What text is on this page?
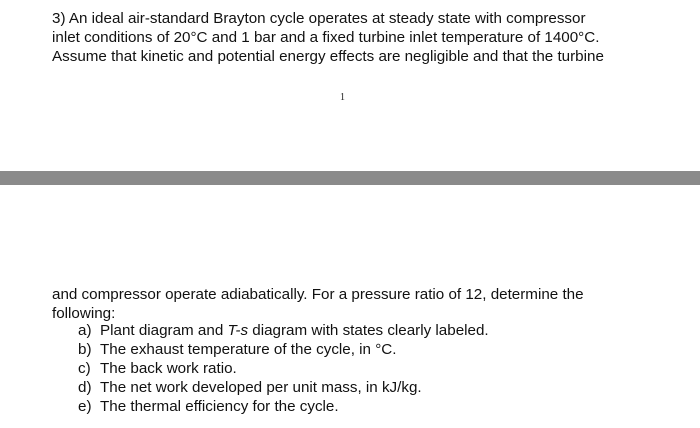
3) An ideal air-standard Brayton cycle operates at steady state with compressor
inlet conditions of 20°C and 1 bar and a fixed turbine inlet temperature of 1400°C.
Assume that kinetic and potential energy effects are negligible and that the turbine
1
and compressor operate adiabatically. For a pressure ratio of 12, determine the
following:
a) Plant diagram and T-s diagram with states clearly labeled.
b) The exhaust temperature of the cycle, in °C.
c) The back work ratio.
d) The net work developed per unit mass, in kJ/kg.
e) The thermal efficiency for the cycle.
